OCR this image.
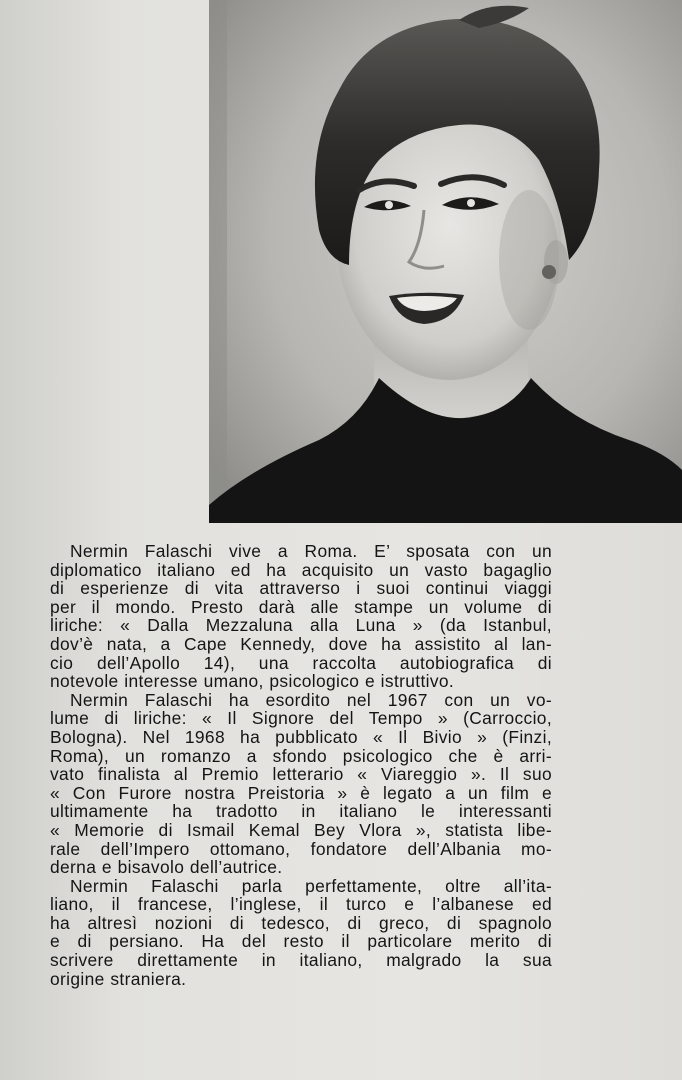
Nermin Falaschi vive a Roma. E’ sposata con un
diplomatico italiano ed ha acquisito un vasto bagaglio
di esperienze di vita attraverso i suoi continui viaggi
per il mondo. Presto darà alle stampe un volume di
liriche: « Dalla Mezzaluna alla Luna » (da Istanbul,
dov’è nata, a Cape Kennedy, dove ha assistito al lan-
cio dell’Apollo 14), una raccolta autobiografica di
notevole interesse umano, psicologico e istruttivo.
Nermin Falaschi ha esordito nel 1967 con un vo-
lume di liriche: « Il Signore del Tempo » (Carroccio,
Bologna). Nel 1968 ha pubblicato « Il Bivio » (Finzi,
Roma), un romanzo a sfondo psicologico che è arri-
vato finalista al Premio letterario « Viareggio ». Il suo
« Con Furore nostra Preistoria » è legato a un film e
ultimamente ha tradotto in italiano le interessanti
« Memorie di Ismail Kemal Bey Vlora », statista libe-
rale dell’Impero ottomano, fondatore dell’Albania mo-
derna e bisavolo dell’autrice.
Nermin Falaschi parla perfettamente, oltre all’ita-
liano, il francese, l’inglese, il turco e l’albanese ed
ha altresì nozioni di tedesco, di greco, di spagnolo
e di persiano. Ha del resto il particolare merito di
scrivere direttamente in italiano, malgrado la sua
origine straniera.
